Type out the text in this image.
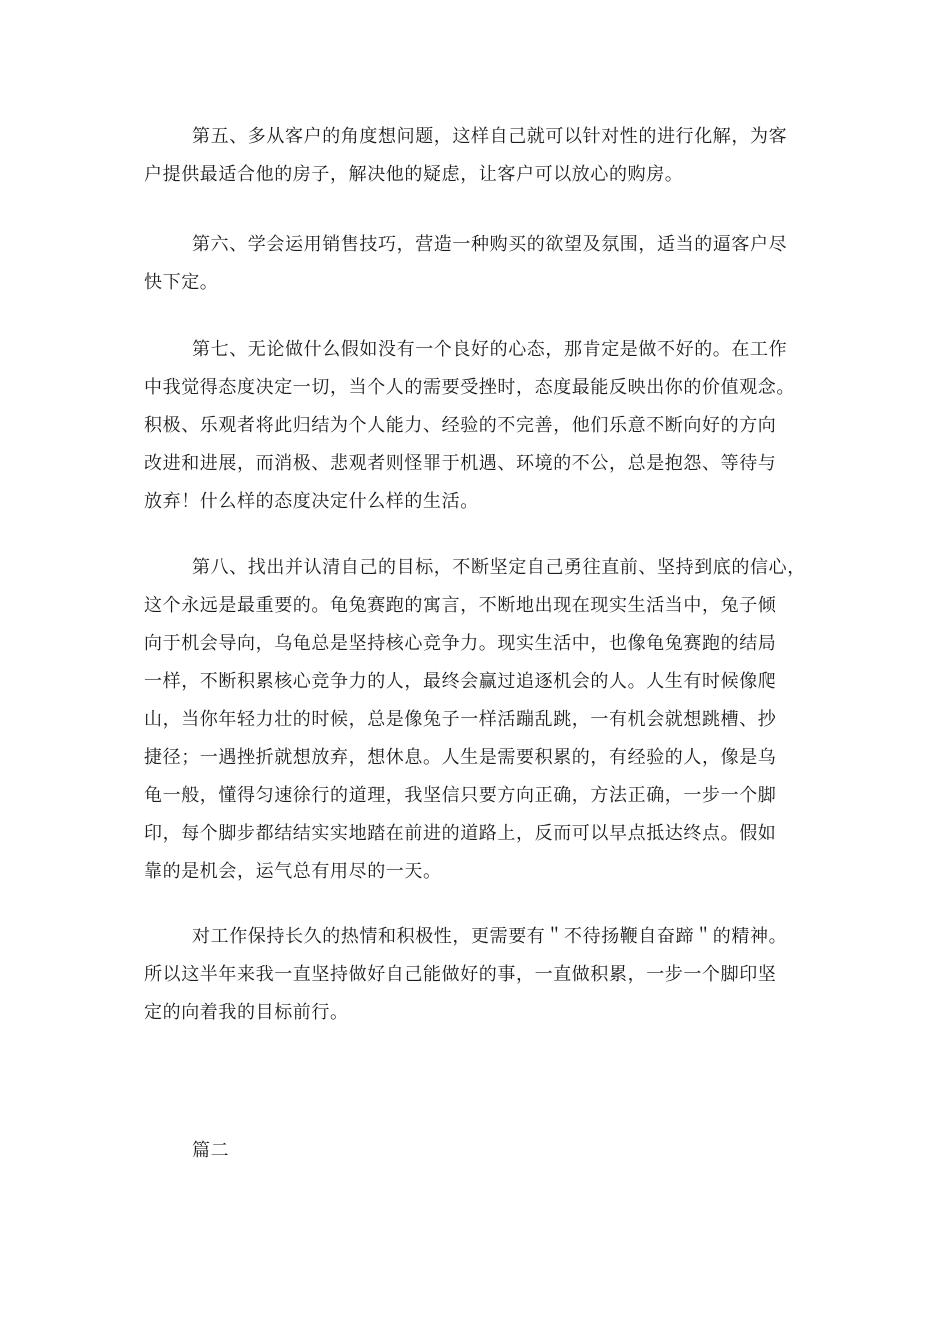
第五、多从客户的角度想问题，这样自己就可以针对性的进行化解，为客
户提供最适合他的房子，解决他的疑虑，让客户可以放心的购房。
第六、学会运用销售技巧，营造一种购买的欲望及氛围，适当的逼客户尽
快下定。
第七、无论做什么假如没有一个良好的心态，那肯定是做不好的。在工作
中我觉得态度决定一切，当个人的需要受挫时，态度最能反映出你的价值观念。
积极、乐观者将此归结为个人能力、经验的不完善，他们乐意不断向好的方向
改进和进展，而消极、悲观者则怪罪于机遇、环境的不公，总是抱怨、等待与
放弃！什么样的态度决定什么样的生活。
第八、找出并认清自己的目标，不断坚定自己勇往直前、坚持到底的信心，
这个永远是最重要的。龟兔赛跑的寓言，不断地出现在现实生活当中，兔子倾
向于机会导向，乌龟总是坚持核心竞争力。现实生活中，也像龟兔赛跑的结局
一样，不断积累核心竞争力的人，最终会赢过追逐机会的人。人生有时候像爬
山，当你年轻力壮的时候，总是像兔子一样活蹦乱跳，一有机会就想跳槽、抄
捷径；一遇挫折就想放弃，想休息。人生是需要积累的，有经验的人，像是乌
龟一般，懂得匀速徐行的道理，我坚信只要方向正确，方法正确，一步一个脚
印，每个脚步都结结实实地踏在前进的道路上，反而可以早点抵达终点。假如
靠的是机会，运气总有用尽的一天。
对工作保持长久的热情和积极性，更需要有＂不待扬鞭自奋蹄＂的精神。
所以这半年来我一直坚持做好自己能做好的事，一直做积累，一步一个脚印坚
定的向着我的目标前行。
篇二
